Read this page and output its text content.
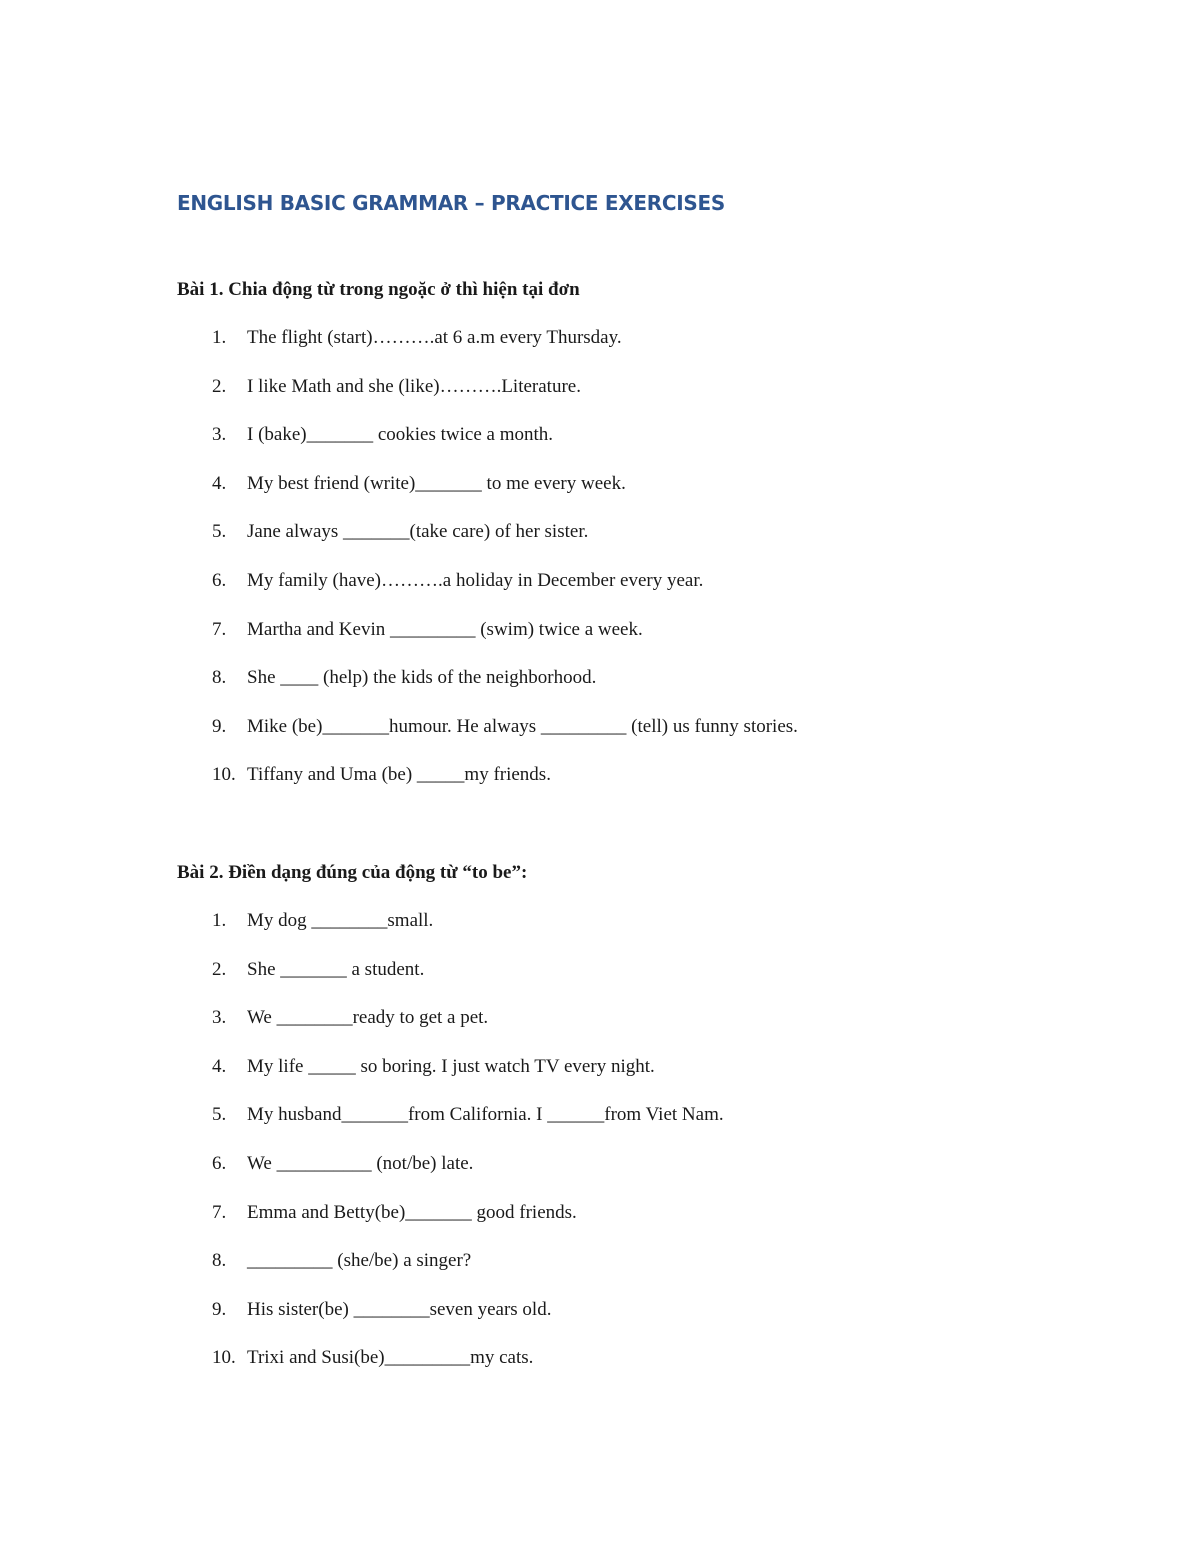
ENGLISH BASIC GRAMMAR – PRACTICE EXERCISES
Bài 1. Chia động từ trong ngoặc ở thì hiện tại đơn
1. The flight (start)……….at 6 a.m every Thursday.
2. I like Math and she (like)……….Literature.
3. I (bake)_______ cookies twice a month.
4. My best friend (write)_______ to me every week.
5. Jane always _______(take care) of her sister.
6. My family (have)……….a holiday in December every year.
7. Martha and Kevin _________ (swim) twice a week.
8. She ____ (help) the kids of the neighborhood.
9. Mike (be)_______humour. He always _________ (tell) us funny stories.
10. Tiffany and Uma (be) _____my friends.
Bài 2. Điền dạng đúng của động từ “to be”:
1. My dog ________small.
2. She _______ a student.
3. We ________ready to get a pet.
4. My life _____ so boring. I just watch TV every night.
5. My husband_______from California. I ______from Viet Nam.
6. We __________ (not/be) late.
7. Emma and Betty(be)_______ good friends.
8. _________ (she/be) a singer?
9. His sister(be) ________seven years old.
10. Trixi and Susi(be)_________my cats.
